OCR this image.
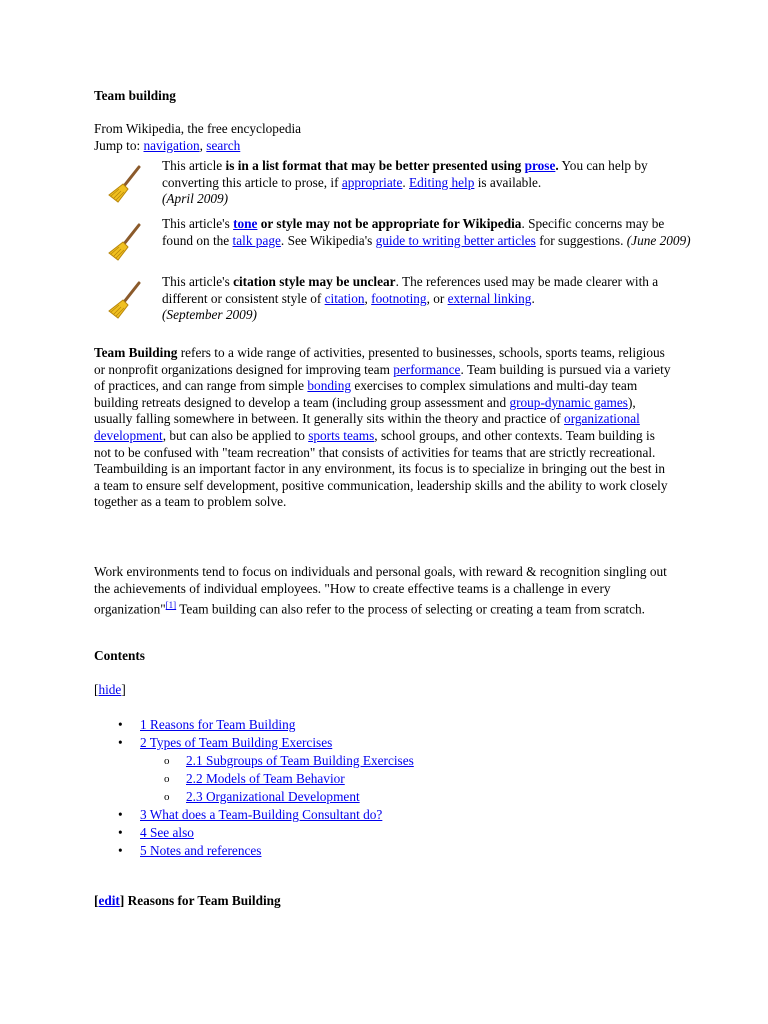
Team building
From Wikipedia, the free encyclopedia
Jump to: navigation, search
This article is in a list format that may be better presented using prose. You can help by converting this article to prose, if appropriate. Editing help is available.
(April 2009)
This article's tone or style may not be appropriate for Wikipedia. Specific concerns may be found on the talk page. See Wikipedia's guide to writing better articles for suggestions. (June 2009)
This article's citation style may be unclear. The references used may be made clearer with a different or consistent style of citation, footnoting, or external linking.
(September 2009)
Team Building refers to a wide range of activities, presented to businesses, schools, sports teams, religious or nonprofit organizations designed for improving team performance. Team building is pursued via a variety of practices, and can range from simple bonding exercises to complex simulations and multi-day team building retreats designed to develop a team (including group assessment and group-dynamic games), usually falling somewhere in between. It generally sits within the theory and practice of organizational development, but can also be applied to sports teams, school groups, and other contexts. Team building is not to be confused with "team recreation" that consists of activities for teams that are strictly recreational. Teambuilding is an important factor in any environment, its focus is to specialize in bringing out the best in a team to ensure self development, positive communication, leadership skills and the ability to work closely together as a team to problem solve.
Work environments tend to focus on individuals and personal goals, with reward & recognition singling out the achievements of individual employees. "How to create effective teams is a challenge in every organization"[1] Team building can also refer to the process of selecting or creating a team from scratch.
Contents
[hide]
• 1 Reasons for Team Building
• 2 Types of Team Building Exercises
o 2.1 Subgroups of Team Building Exercises
o 2.2 Models of Team Behavior
o 2.3 Organizational Development
• 3 What does a Team-Building Consultant do?
• 4 See also
• 5 Notes and references
[edit] Reasons for Team Building
